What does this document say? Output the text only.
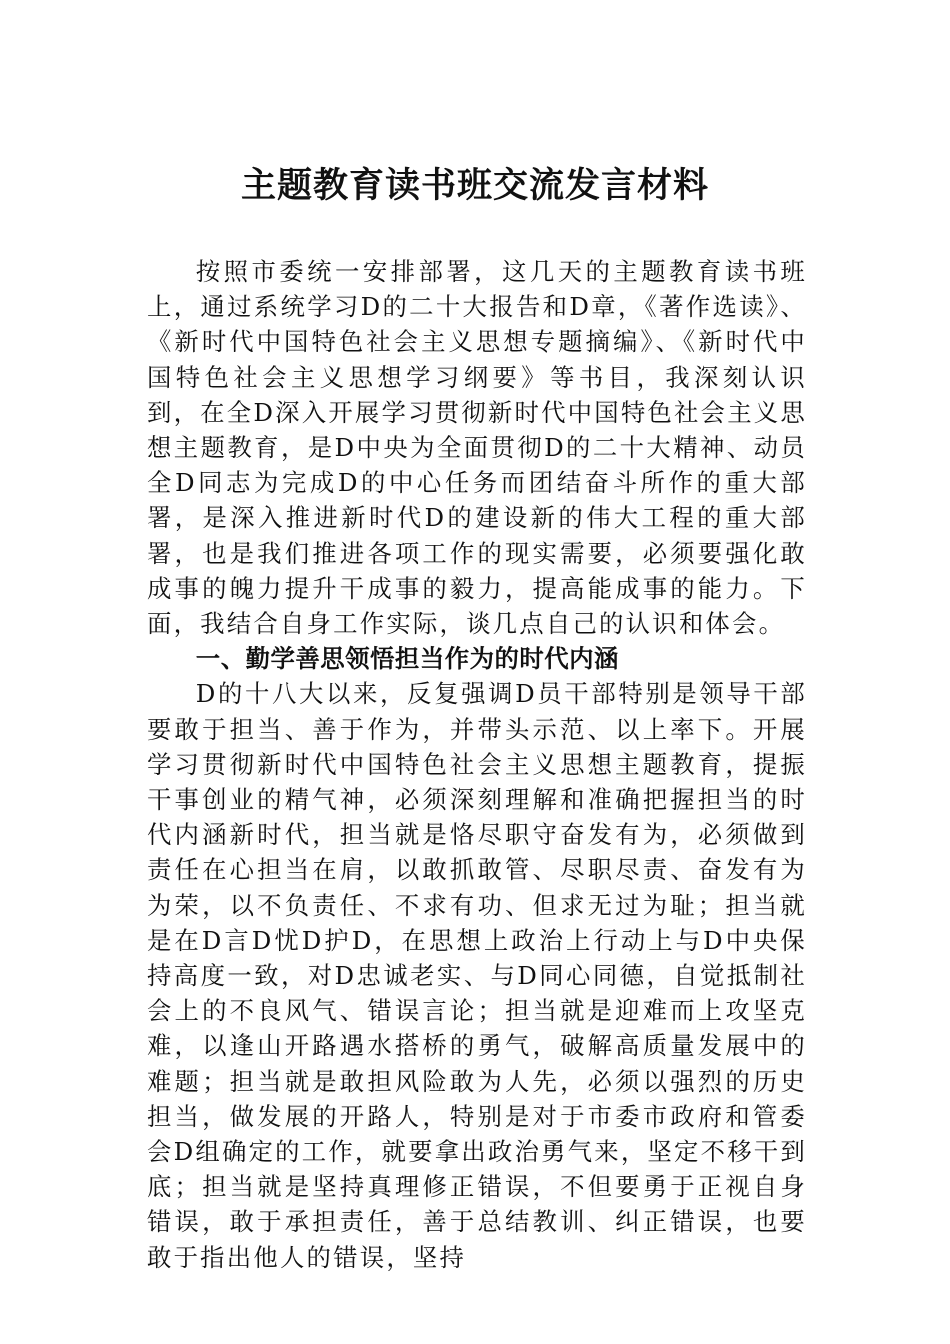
主题教育读书班交流发言材料

按照市委统一安排部署，这几天的主题教育读书班上，通过系统学习D的二十大报告和D章，《著作选读》、《新时代中国特色社会主义思想专题摘编》、《新时代中国特色社会主义思想学习纲要》等书目，我深刻认识到，在全D深入开展学习贯彻新时代中国特色社会主义思想主题教育，是D中央为全面贯彻D的二十大精神、动员全D同志为完成D的中心任务而团结奋斗所作的重大部署，是深入推进新时代D的建设新的伟大工程的重大部署，也是我们推进各项工作的现实需要，必须要强化敢成事的魄力提升干成事的毅力，提高能成事的能力。下面，我结合自身工作实际，谈几点自己的认识和体会。

一、勤学善思领悟担当作为的时代内涵

D的十八大以来，反复强调D员干部特别是领导干部要敢于担当、善于作为，并带头示范、以上率下。开展学习贯彻新时代中国特色社会主义思想主题教育，提振干事创业的精气神，必须深刻理解和准确把握担当的时代内涵新时代，担当就是恪尽职守奋发有为，必须做到责任在心担当在肩，以敢抓敢管、尽职尽责、奋发有为为荣，以不负责任、不求有功、但求无过为耻；担当就是在D言D忧D护D，在思想上政治上行动上与D中央保持高度一致，对D忠诚老实、与D同心同德，自觉抵制社会上的不良风气、错误言论；担当就是迎难而上攻坚克难，以逢山开路遇水搭桥的勇气，破解高质量发展中的难题；担当就是敢担风险敢为人先，必须以强烈的历史担当，做发展的开路人，特别是对于市委市政府和管委会D组确定的工作，就要拿出政治勇气来，坚定不移干到底；担当就是坚持真理修正错误，不但要勇于正视自身错误，敢于承担责任，善于总结教训、纠正错误，也要敢于指出他人的错误，坚持
